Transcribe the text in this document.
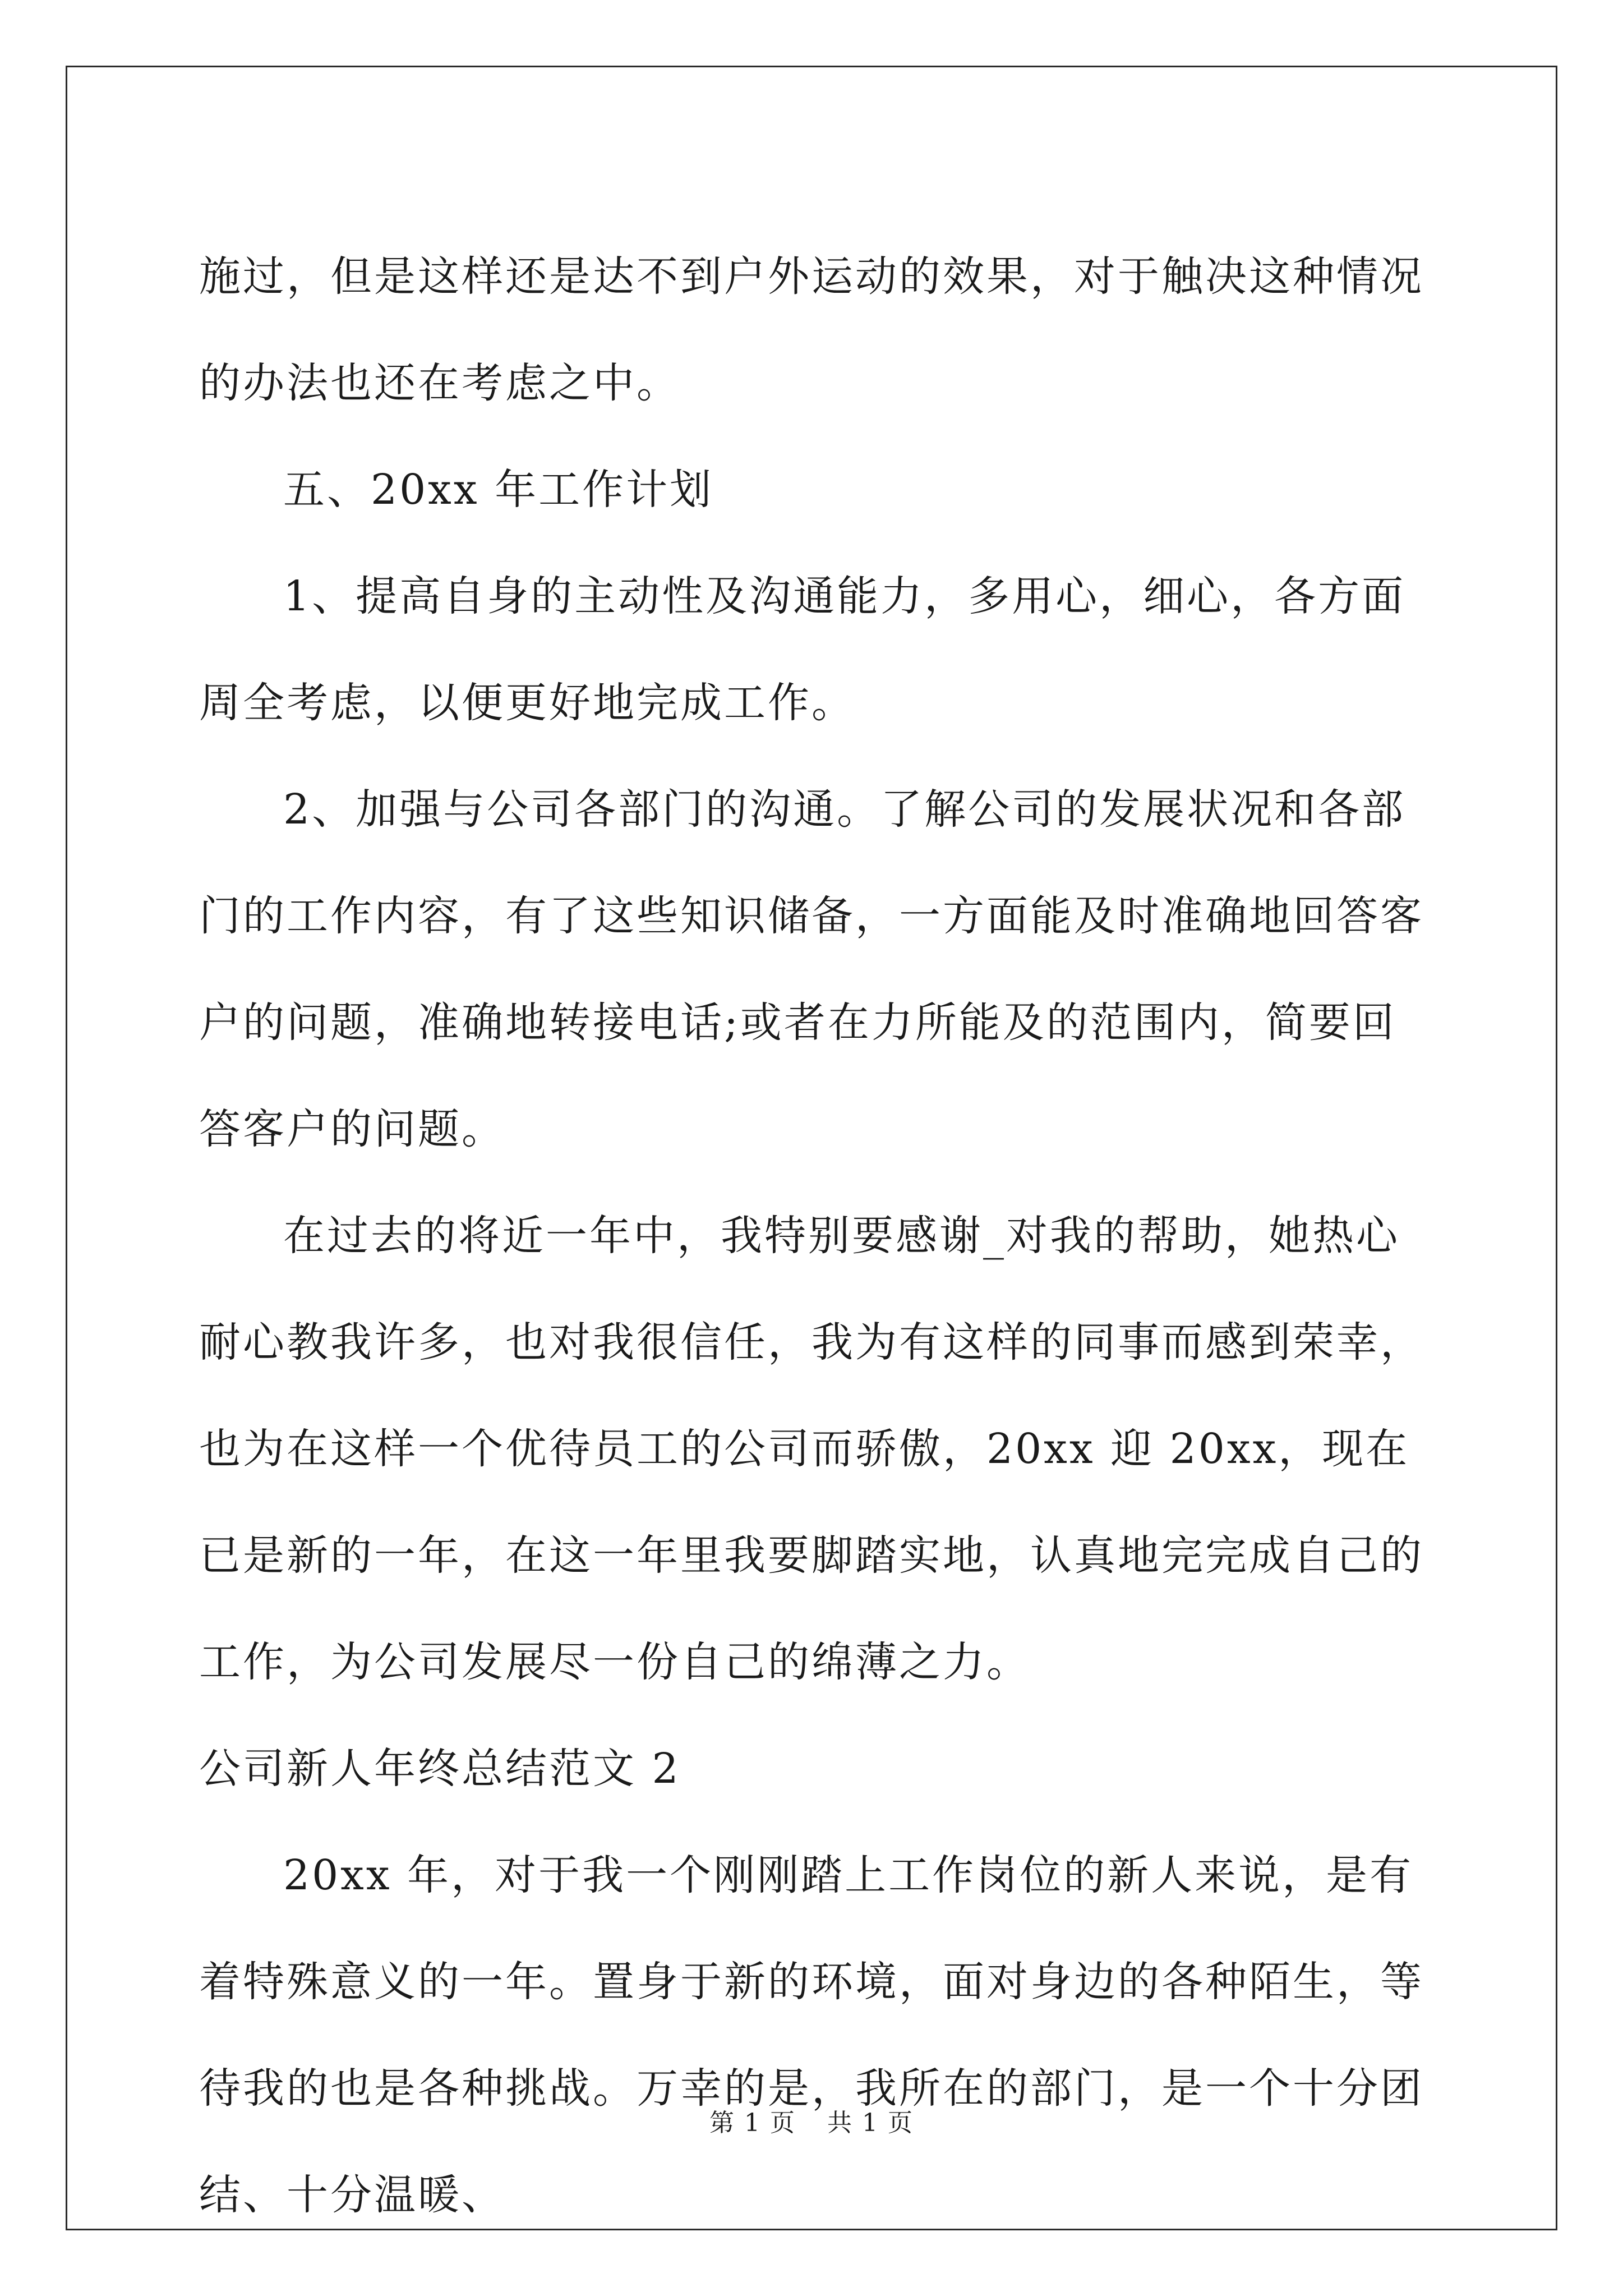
施过，但是这样还是达不到户外运动的效果，对于触决这种情况的办法也还在考虑之中。

五、20xx 年工作计划

1、提高自身的主动性及沟通能力，多用心，细心，各方面周全考虑，以便更好地完成工作。

2、加强与公司各部门的沟通。了解公司的发展状况和各部门的工作内容，有了这些知识储备，一方面能及时准确地回答客户的问题，准确地转接电话;或者在力所能及的范围内，简要回答客户的问题。

在过去的将近一年中，我特别要感谢_对我的帮助，她热心耐心教我许多，也对我很信任，我为有这样的同事而感到荣幸，也为在这样一个优待员工的公司而骄傲，20xx 迎 20xx，现在已是新的一年，在这一年里我要脚踏实地，认真地完完成自己的工作，为公司发展尽一份自己的绵薄之力。

公司新人年终总结范文 2

20xx 年，对于我一个刚刚踏上工作岗位的新人来说，是有着特殊意义的一年。置身于新的环境，面对身边的各种陌生，等待我的也是各种挑战。万幸的是，我所在的部门，是一个十分团结、十分温暖、

第 1 页 共 1 页
